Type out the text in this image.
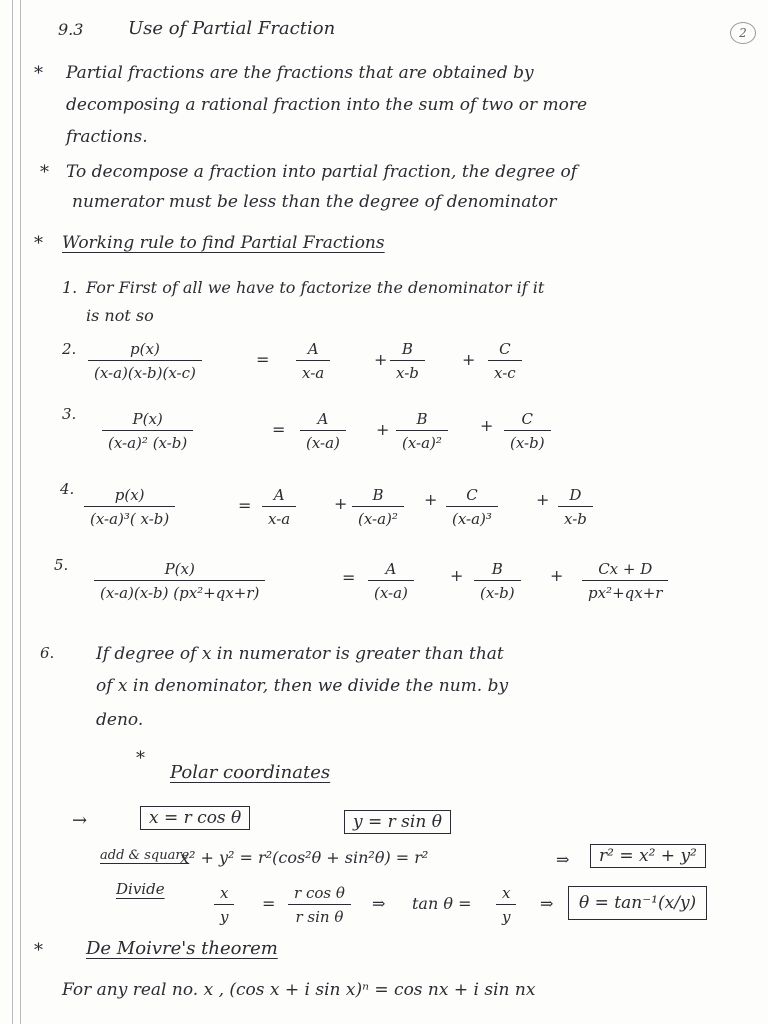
9.3 Use of Partial Fraction	2
* Partial fractions are the fractions that are obtained by
decomposing a rational fraction into the sum of two or more
fractions.
* To decompose a fraction into partial fraction, the degree of
numerator must be less than the degree of denominator
* Working rule to find Partial Fractions
1. For First of all we have to factorize the denominator if it
is not so
2.	p(x)
(x-a)(x-b)(x-c)
=
A
x-a
+
B
x-b
+
C
x-c
3.	P(x)
(x-a)² (x-b)
=
A
(x-a)
+
B
(x-a)²
+	C
(x-b)
4.	p(x)
(x-a)³( x-b)
=
A
x-a
+	B
(x-a)²
+	C
(x-a)³
+	D
x-b
5.	P(x)
(x-a)(x-b) (px²+qx+r)
=	A
(x-a)
+	B
(x-b)
+	Cx + D
px²+qx+r
6. If degree of x in numerator is greater than that
of x in denominator, then we divide the num. by
deno.
*
Polar coordinates
→	x = r cos θ	y = r sin θ
add & square
x² + y² = r²(cos²θ + sin²θ) = r²	⇒	r² = x² + y²
Divide	x
y
=
r cos θ
r sin θ
⇒ tan θ =
x
y
⇒	θ = tan⁻¹(x/y)
* De Moivre's theorem
For any real no. x , (cos x + i sin x)ⁿ = cos nx + i sin nx
